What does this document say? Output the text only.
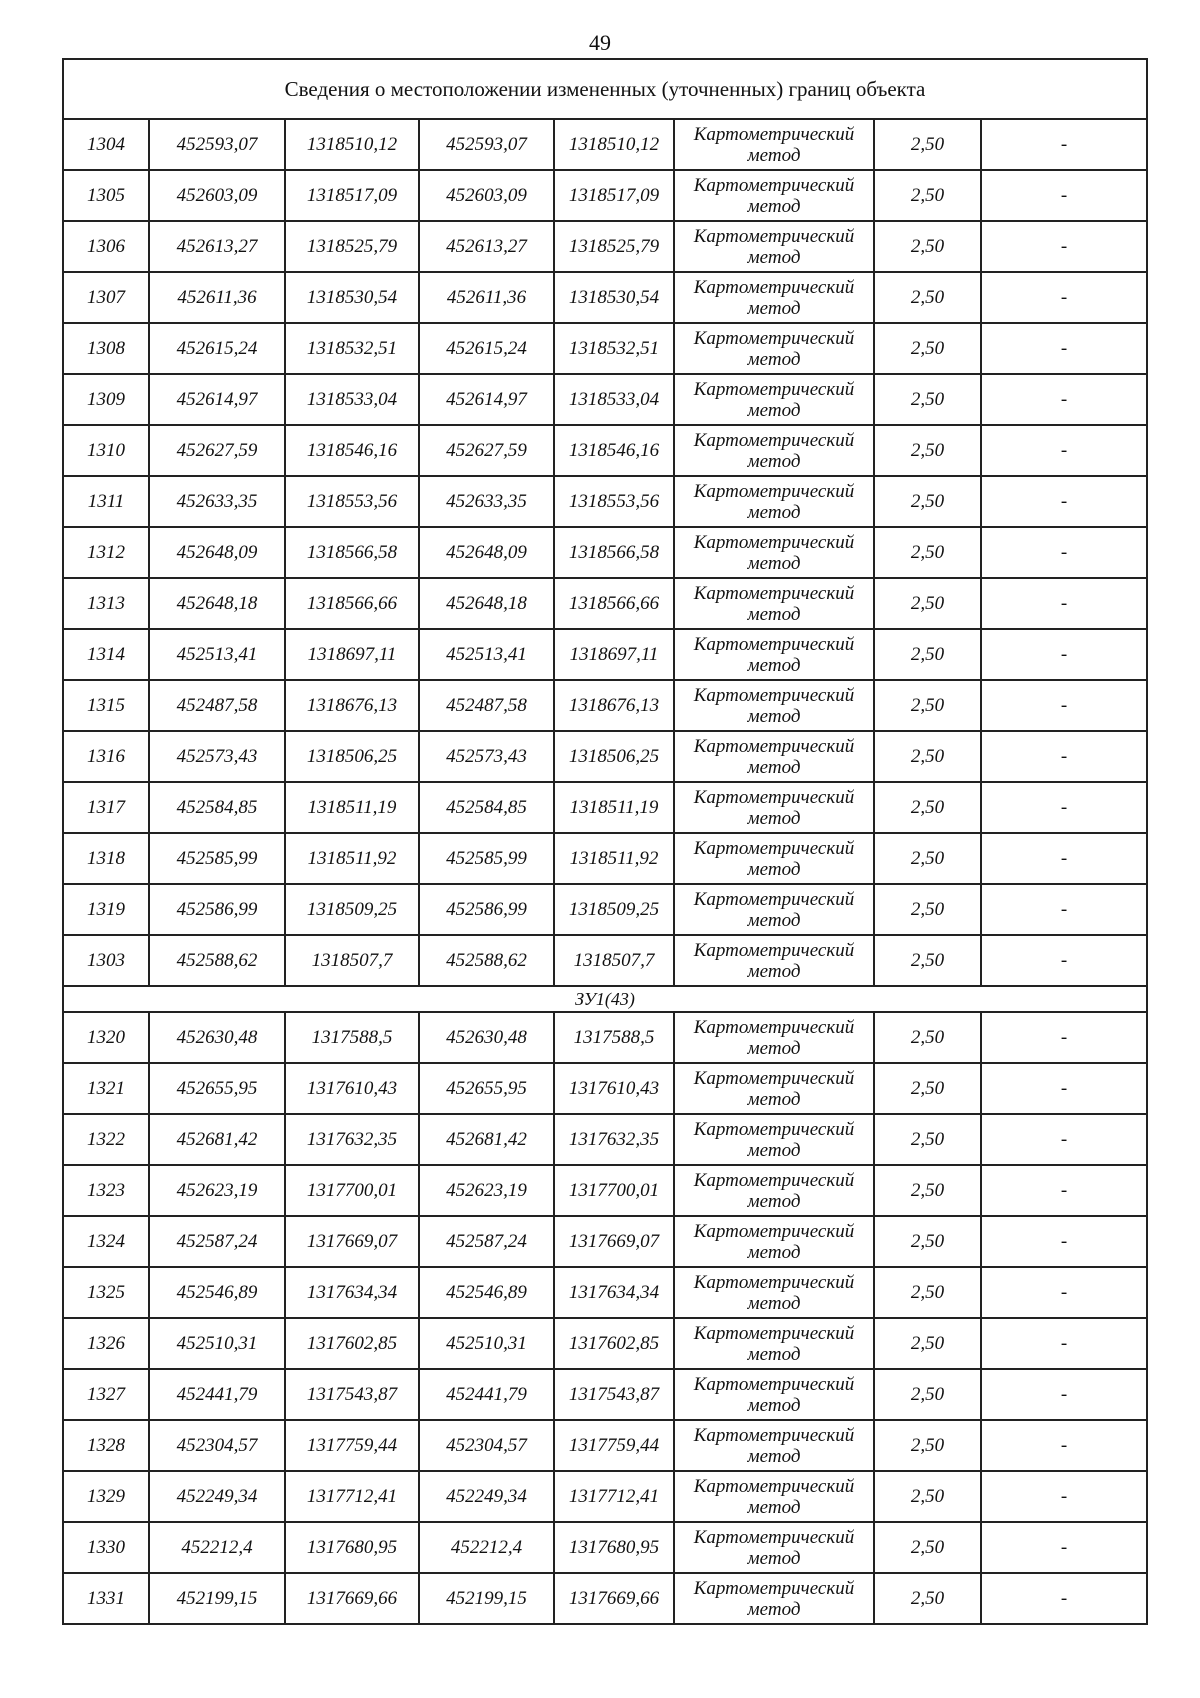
49
Сведения о местоположении измененных (уточненных) границ объекта							
1304	452593,07	1318510,12	452593,07	1318510,12	Картометрический метод	2,50	-
1305	452603,09	1318517,09	452603,09	1318517,09	Картометрический метод	2,50	-
1306	452613,27	1318525,79	452613,27	1318525,79	Картометрический метод	2,50	-
1307	452611,36	1318530,54	452611,36	1318530,54	Картометрический метод	2,50	-
1308	452615,24	1318532,51	452615,24	1318532,51	Картометрический метод	2,50	-
1309	452614,97	1318533,04	452614,97	1318533,04	Картометрический метод	2,50	-
1310	452627,59	1318546,16	452627,59	1318546,16	Картометрический метод	2,50	-
1311	452633,35	1318553,56	452633,35	1318553,56	Картометрический метод	2,50	-
1312	452648,09	1318566,58	452648,09	1318566,58	Картометрический метод	2,50	-
1313	452648,18	1318566,66	452648,18	1318566,66	Картометрический метод	2,50	-
1314	452513,41	1318697,11	452513,41	1318697,11	Картометрический метод	2,50	-
1315	452487,58	1318676,13	452487,58	1318676,13	Картометрический метод	2,50	-
1316	452573,43	1318506,25	452573,43	1318506,25	Картометрический метод	2,50	-
1317	452584,85	1318511,19	452584,85	1318511,19	Картометрический метод	2,50	-
1318	452585,99	1318511,92	452585,99	1318511,92	Картометрический метод	2,50	-
1319	452586,99	1318509,25	452586,99	1318509,25	Картометрический метод	2,50	-
1303	452588,62	1318507,7	452588,62	1318507,7	Картометрический метод	2,50	-
ЗУ1(43)							
1320	452630,48	1317588,5	452630,48	1317588,5	Картометрический метод	2,50	-
1321	452655,95	1317610,43	452655,95	1317610,43	Картометрический метод	2,50	-
1322	452681,42	1317632,35	452681,42	1317632,35	Картометрический метод	2,50	-
1323	452623,19	1317700,01	452623,19	1317700,01	Картометрический метод	2,50	-
1324	452587,24	1317669,07	452587,24	1317669,07	Картометрический метод	2,50	-
1325	452546,89	1317634,34	452546,89	1317634,34	Картометрический метод	2,50	-
1326	452510,31	1317602,85	452510,31	1317602,85	Картометрический метод	2,50	-
1327	452441,79	1317543,87	452441,79	1317543,87	Картометрический метод	2,50	-
1328	452304,57	1317759,44	452304,57	1317759,44	Картометрический метод	2,50	-
1329	452249,34	1317712,41	452249,34	1317712,41	Картометрический метод	2,50	-
1330	452212,4	1317680,95	452212,4	1317680,95	Картометрический метод	2,50	-
1331	452199,15	1317669,66	452199,15	1317669,66	Картометрический метод	2,50	-
